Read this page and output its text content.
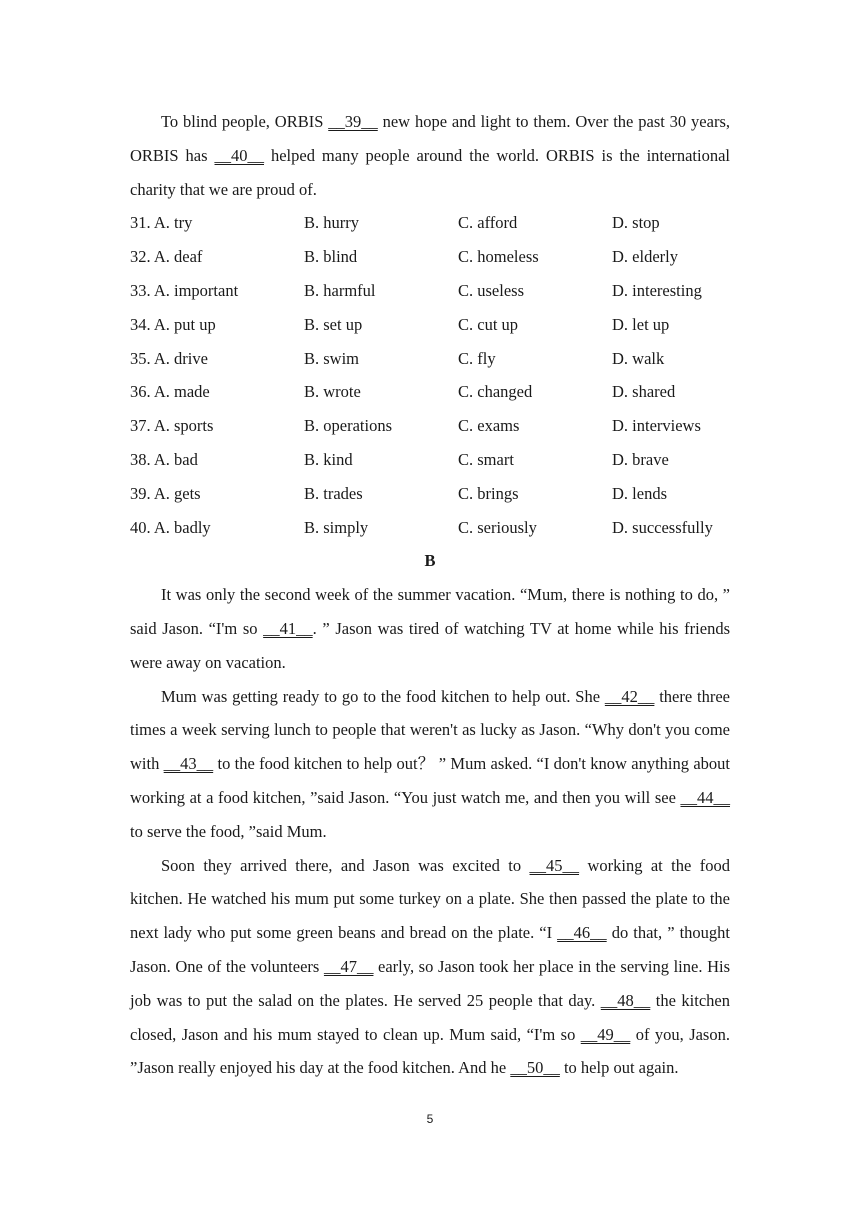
To blind people, ORBIS __39__ new hope and light to them. Over the past 30 years, ORBIS has __40__ helped many people around the world. ORBIS is the international charity that we are proud of.

31. A. try	B. hurry	C. afford	D. stop
32. A. deaf	B. blind	C. homeless	D. elderly
33. A. important	B. harmful	C. useless	D. interesting
34. A. put up	B. set up	C. cut up	D. let up
35. A. drive	B. swim	C. fly	D. walk
36. A. made	B. wrote	C. changed	D. shared
37. A. sports	B. operations	C. exams	D. interviews
38. A. bad	B. kind	C. smart	D. brave
39. A. gets	B. trades	C. brings	D. lends
40. A. badly	B. simply	C. seriously	D. successfully
B

It was only the second week of the summer vacation. “Mum, there is nothing to do, ” said Jason. “I'm so __41__. ” Jason was tired of watching TV at home while his friends were away on vacation.

Mum was getting ready to go to the food kitchen to help out. She __42__ there three times a week serving lunch to people that weren't as lucky as Jason. “Why don't you come with __43__ to the food kitchen to help out？ ” Mum asked. “I don't know anything about working at a food kitchen, ”said Jason. “You just watch me, and then you will see __44__ to serve the food, ”said Mum.

Soon they arrived there, and Jason was excited to __45__ working at the food kitchen. He watched his mum put some turkey on a plate. She then passed the plate to the next lady who put some green beans and bread on the plate. “I __46__ do that, ” thought Jason. One of the volunteers __47__ early, so Jason took her place in the serving line. His job was to put the salad on the plates. He served 25 people that day. __48__ the kitchen closed, Jason and his mum stayed to clean up. Mum said, “I'm so __49__ of you, Jason. ”Jason really enjoyed his day at the food kitchen. And he __50__ to help out again.

5
